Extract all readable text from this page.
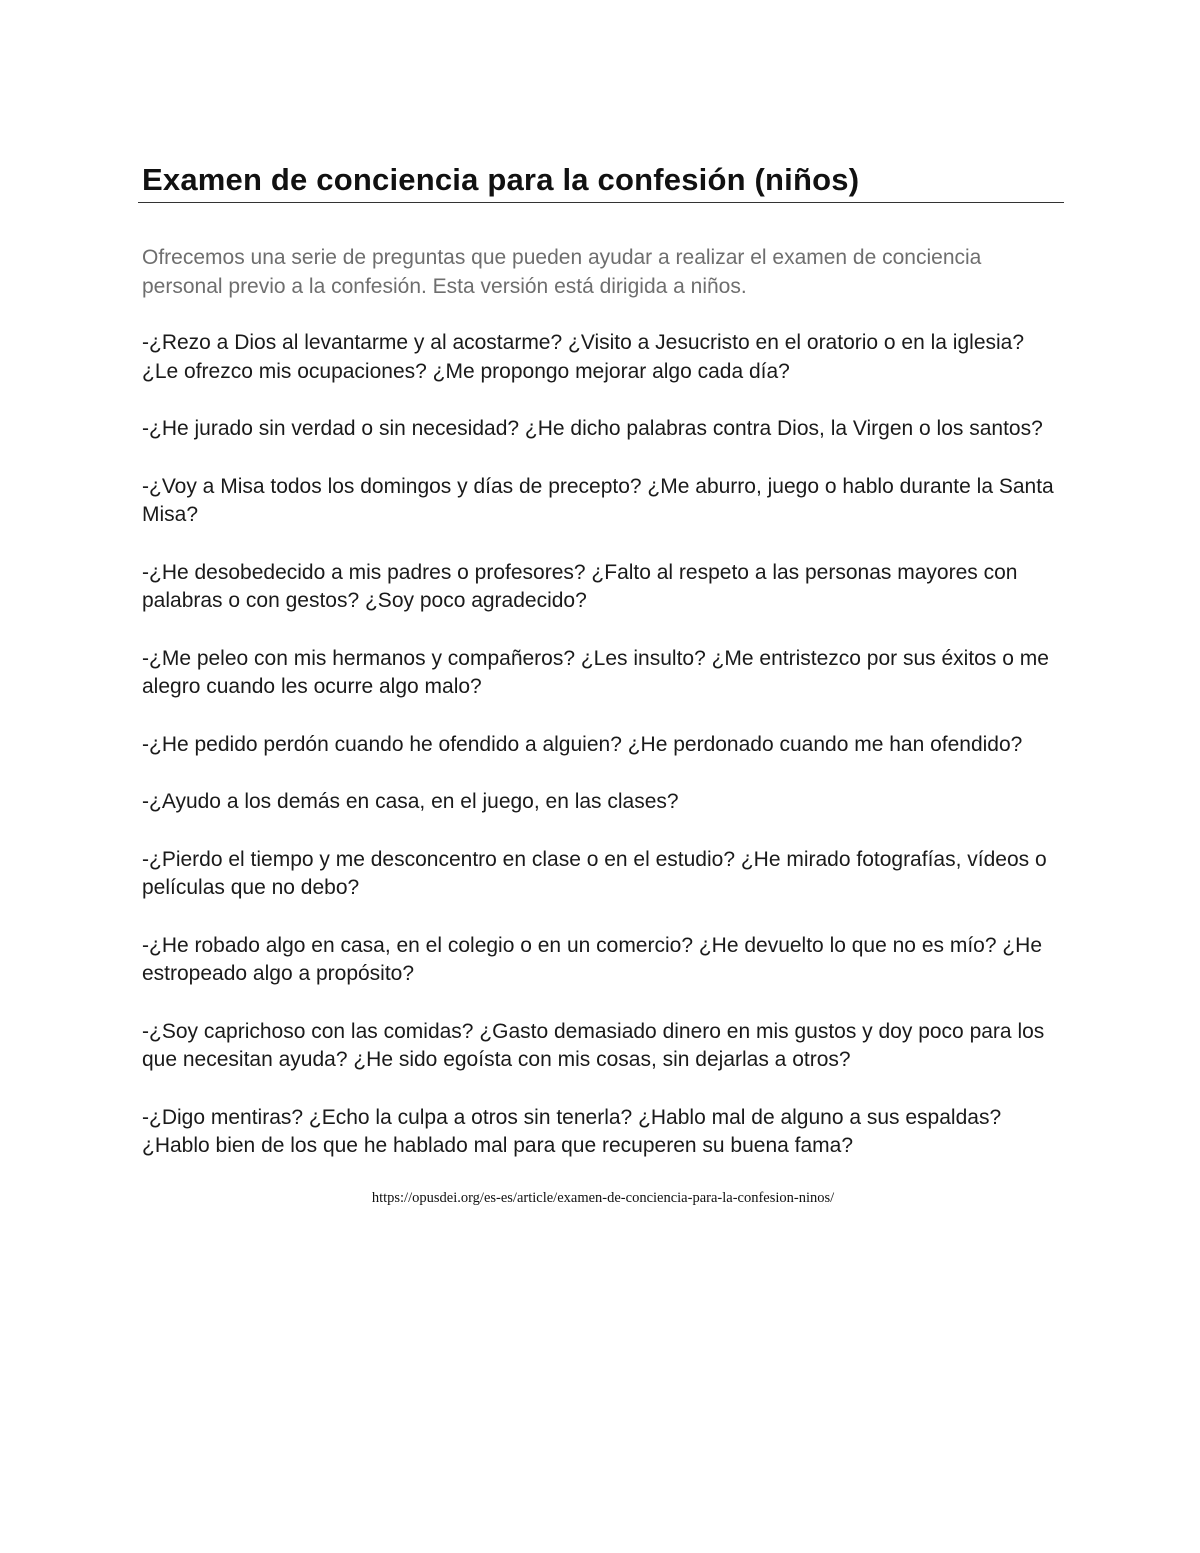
Examen de conciencia para la confesión (niños)

Ofrecemos una serie de preguntas que pueden ayudar a realizar el examen de conciencia personal previo a la confesión. Esta versión está dirigida a niños.

-¿Rezo a Dios al levantarme y al acostarme? ¿Visito a Jesucristo en el oratorio o en la iglesia? ¿Le ofrezco mis ocupaciones? ¿Me propongo mejorar algo cada día?
-¿He jurado sin verdad o sin necesidad? ¿He dicho palabras contra Dios, la Virgen o los santos?
-¿Voy a Misa todos los domingos y días de precepto? ¿Me aburro, juego o hablo durante la Santa Misa?
-¿He desobedecido a mis padres o profesores? ¿Falto al respeto a las personas mayores con palabras o con gestos? ¿Soy poco agradecido?
-¿Me peleo con mis hermanos y compañeros? ¿Les insulto? ¿Me entristezco por sus éxitos o me alegro cuando les ocurre algo malo?
-¿He pedido perdón cuando he ofendido a alguien? ¿He perdonado cuando me han ofendido?
-¿Ayudo a los demás en casa, en el juego, en las clases?
-¿Pierdo el tiempo y me desconcentro en clase o en el estudio? ¿He mirado fotografías, vídeos o películas que no debo?
-¿He robado algo en casa, en el colegio o en un comercio? ¿He devuelto lo que no es mío? ¿He estropeado algo a propósito?
-¿Soy caprichoso con las comidas? ¿Gasto demasiado dinero en mis gustos y doy poco para los que necesitan ayuda? ¿He sido egoísta con mis cosas, sin dejarlas a otros?
-¿Digo mentiras? ¿Echo la culpa a otros sin tenerla? ¿Hablo mal de alguno a sus espaldas? ¿Hablo bien de los que he hablado mal para que recuperen su buena fama?
https://opusdei.org/es-es/article/examen-de-conciencia-para-la-confesion-ninos/
